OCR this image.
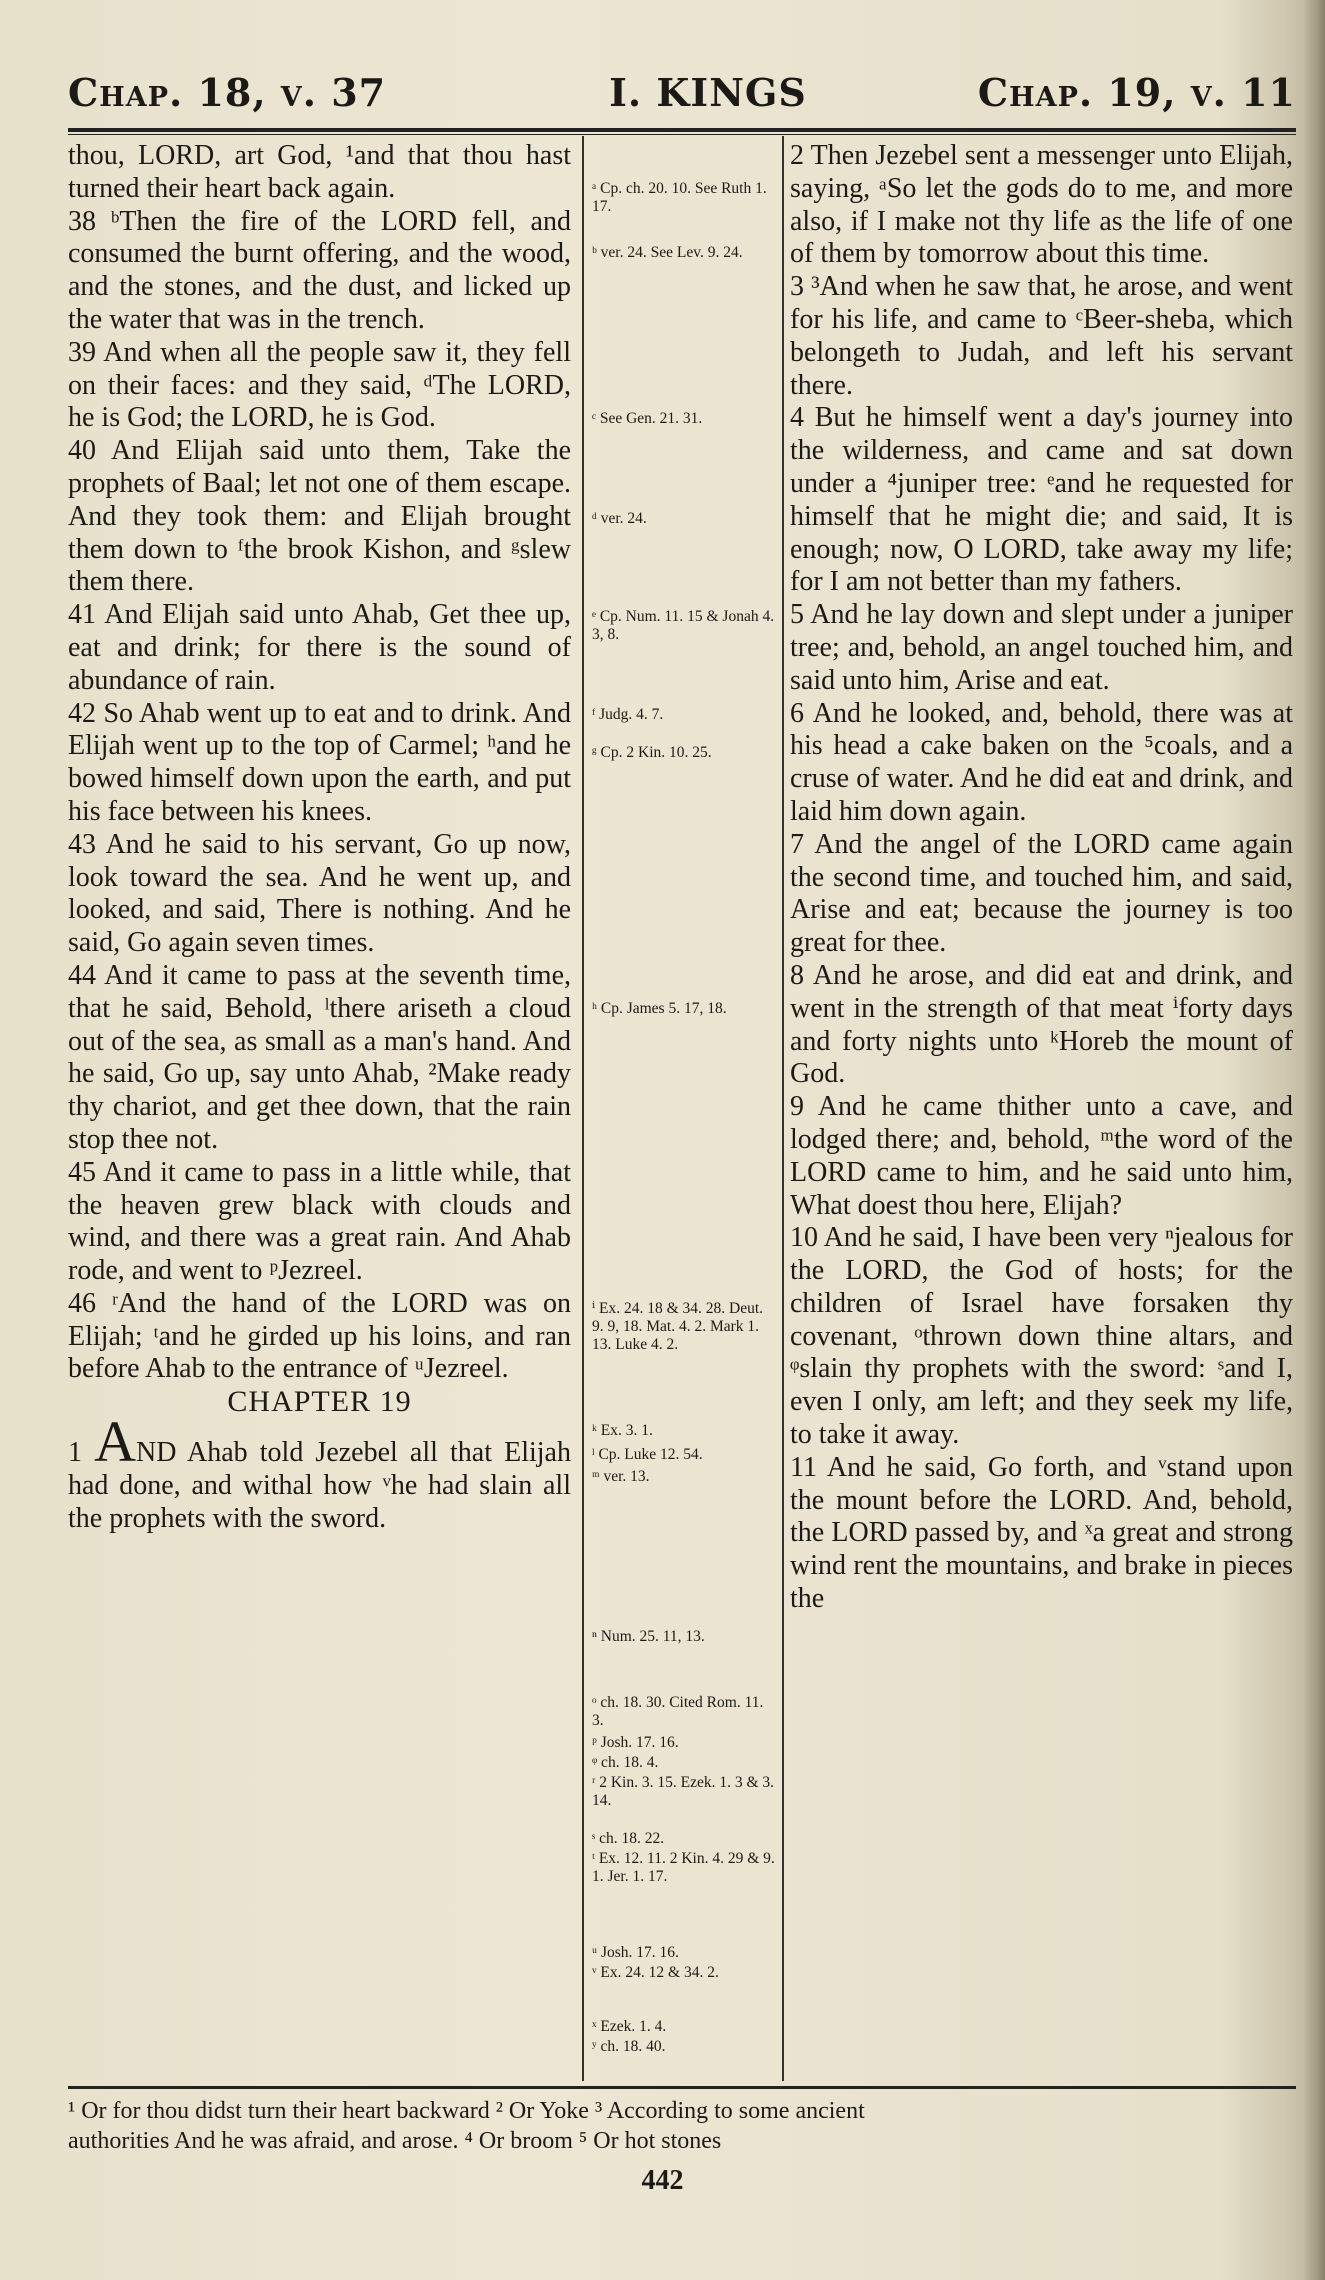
Chap. 18, v. 37	I. KINGS	Chap. 19, v. 11

thou, LORD, art God, ¹and that thou hast turned their heart back again.

38 ᵇThen the fire of the LORD fell, and consumed the burnt offering, and the wood, and the stones, and the dust, and licked up the water that was in the trench.

39 And when all the people saw it, they fell on their faces: and they said, ᵈThe LORD, he is God; the LORD, he is God.

40 And Elijah said unto them, Take the prophets of Baal; let not one of them escape. And they took them: and Elijah brought them down to ᶠthe brook Kishon, and ᵍslew them there.

41 And Elijah said unto Ahab, Get thee up, eat and drink; for there is the sound of abundance of rain.

42 So Ahab went up to eat and to drink. And Elijah went up to the top of Carmel; ʰand he bowed himself down upon the earth, and put his face between his knees.

43 And he said to his servant, Go up now, look toward the sea. And he went up, and looked, and said, There is nothing. And he said, Go again seven times.

44 And it came to pass at the seventh time, that he said, Behold, ˡthere ariseth a cloud out of the sea, as small as a man's hand. And he said, Go up, say unto Ahab, ²Make ready thy chariot, and get thee down, that the rain stop thee not.

45 And it came to pass in a little while, that the heaven grew black with clouds and wind, and there was a great rain. And Ahab rode, and went to ᵖJezreel.

46 ʳAnd the hand of the LORD was on Elijah; ᵗand he girded up his loins, and ran before Ahab to the entrance of ᵘJezreel.

CHAPTER 19

1 AND Ahab told Jezebel all that Elijah had done, and withal how ᵛhe had slain all the prophets with the sword.

ᵃ Cp. ch. 20. 10. See Ruth 1. 17.
ᵇ ver. 24. See Lev. 9. 24.
ᶜ See Gen. 21. 31.
ᵈ ver. 24.
ᵉ Cp. Num. 11. 15 & Jonah 4. 3, 8.
ᶠ Judg. 4. 7.
ᵍ Cp. 2 Kin. 10. 25.
ʰ Cp. James 5. 17, 18.
ⁱ Ex. 24. 18 & 34. 28. Deut. 9. 9, 18. Mat. 4. 2. Mark 1. 13. Luke 4. 2.
ᵏ Ex. 3. 1.
ˡ Cp. Luke 12. 54.
ᵐ ver. 13.
ⁿ Num. 25. 11, 13.
ᵒ ch. 18. 30. Cited Rom. 11. 3.
ᵖ Josh. 17. 16.
ᵠ ch. 18. 4.
ʳ 2 Kin. 3. 15. Ezek. 1. 3 & 3. 14.
ˢ ch. 18. 22.
ᵗ Ex. 12. 11. 2 Kin. 4. 29 & 9. 1. Jer. 1. 17.
ᵘ Josh. 17. 16.
ᵛ Ex. 24. 12 & 34. 2.
ˣ Ezek. 1. 4.
ʸ ch. 18. 40.

2 Then Jezebel sent a messenger unto Elijah, saying, ᵃSo let the gods do to me, and more also, if I make not thy life as the life of one of them by tomorrow about this time.

3 ³And when he saw that, he arose, and went for his life, and came to ᶜBeer-sheba, which belongeth to Judah, and left his servant there.

4 But he himself went a day's journey into the wilderness, and came and sat down under a ⁴juniper tree: ᵉand he requested for himself that he might die; and said, It is enough; now, O LORD, take away my life; for I am not better than my fathers.

5 And he lay down and slept under a juniper tree; and, behold, an angel touched him, and said unto him, Arise and eat.

6 And he looked, and, behold, there was at his head a cake baken on the ⁵coals, and a cruse of water. And he did eat and drink, and laid him down again.

7 And the angel of the LORD came again the second time, and touched him, and said, Arise and eat; because the journey is too great for thee.

8 And he arose, and did eat and drink, and went in the strength of that meat ⁱforty days and forty nights unto ᵏHoreb the mount of God.

9 And he came thither unto a cave, and lodged there; and, behold, ᵐthe word of the LORD came to him, and he said unto him, What doest thou here, Elijah?

10 And he said, I have been very ⁿjealous for the LORD, the God of hosts; for the children of Israel have forsaken thy covenant, ᵒthrown down thine altars, and ᵠslain thy prophets with the sword: ˢand I, even I only, am left; and they seek my life, to take it away.

11 And he said, Go forth, and ᵛstand upon the mount before the LORD. And, behold, the LORD passed by, and ˣa great and strong wind rent the mountains, and brake in pieces the

¹ Or for thou didst turn their heart backward ² Or Yoke ³ According to some ancient
authorities And he was afraid, and arose. ⁴ Or broom ⁵ Or hot stones
442
